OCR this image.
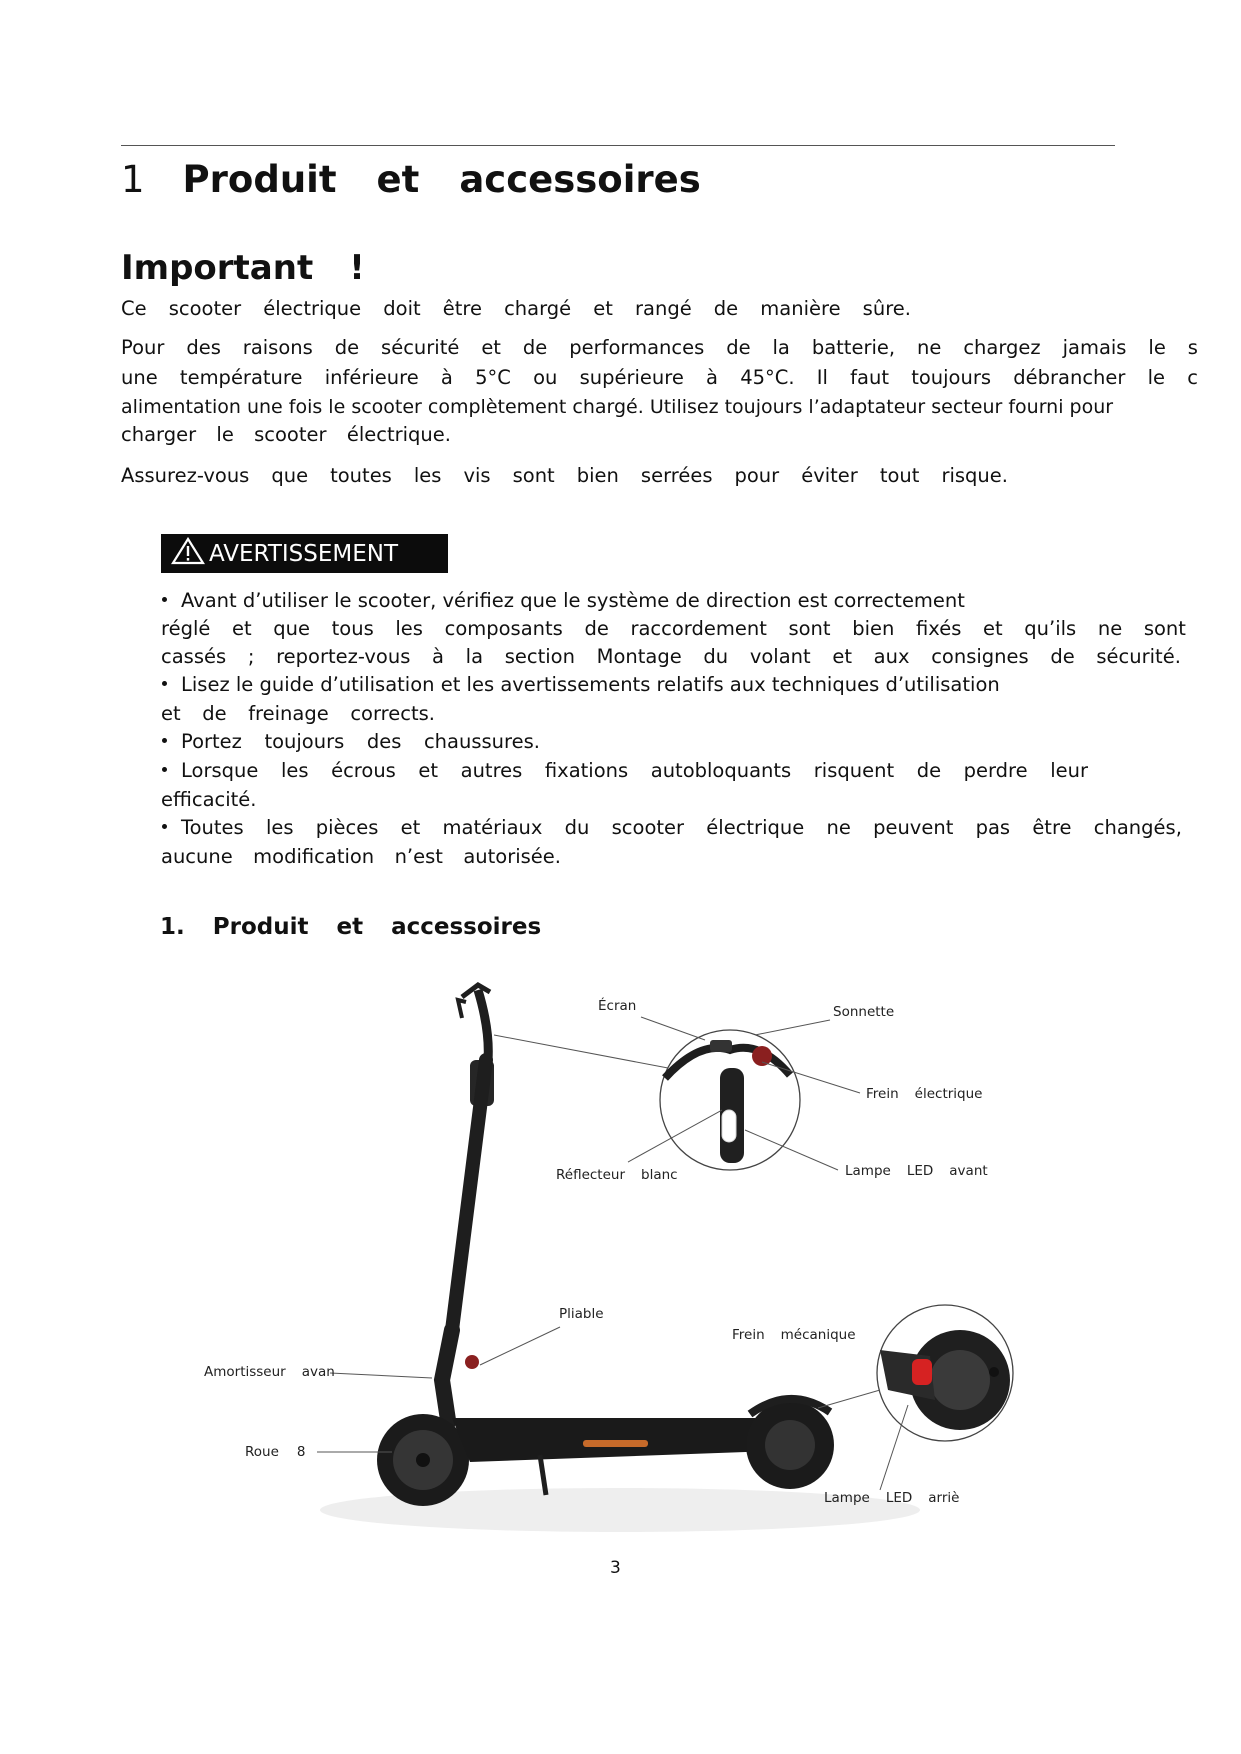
1 Produit et accessoires
Important !
Ce scooter électrique doit être chargé et rangé de manière sûre.
Pour des raisons de sécurité et de performances de la batterie, ne chargez jamais le s
une température inférieure à 5°C ou supérieure à 45°C. Il faut toujours débrancher le c
alimentation une fois le scooter complètement chargé. Utilisez toujours l’adaptateur secteur fourni pour
charger le scooter électrique.
Assurez-vous que toutes les vis sont bien serrées pour éviter tout risque.
AVERTISSEMENT
Avant d’utiliser le scooter, vérifiez que le système de direction est correctement
réglé et que tous les composants de raccordement sont bien fixés et qu’ils ne sont
cassés ; reportez-vous à la section Montage du volant et aux consignes de sécurité.
Lisez le guide d’utilisation et les avertissements relatifs aux techniques d’utilisation
et de freinage corrects.
Portez toujours des chaussures.
Lorsque les écrous et autres fixations autobloquants risquent de perdre leur
efficacité.
Toutes les pièces et matériaux du scooter électrique ne peuvent pas être changés,
aucune modification n’est autorisée.
1. Produit et accessoires
Écran	Sonnette
Frein électrique
Réflecteur blanc	Lampe LED avant
Pliable
Frein mécanique
Amortisseur avan
Roue 8
Lampe LED arriè
3
